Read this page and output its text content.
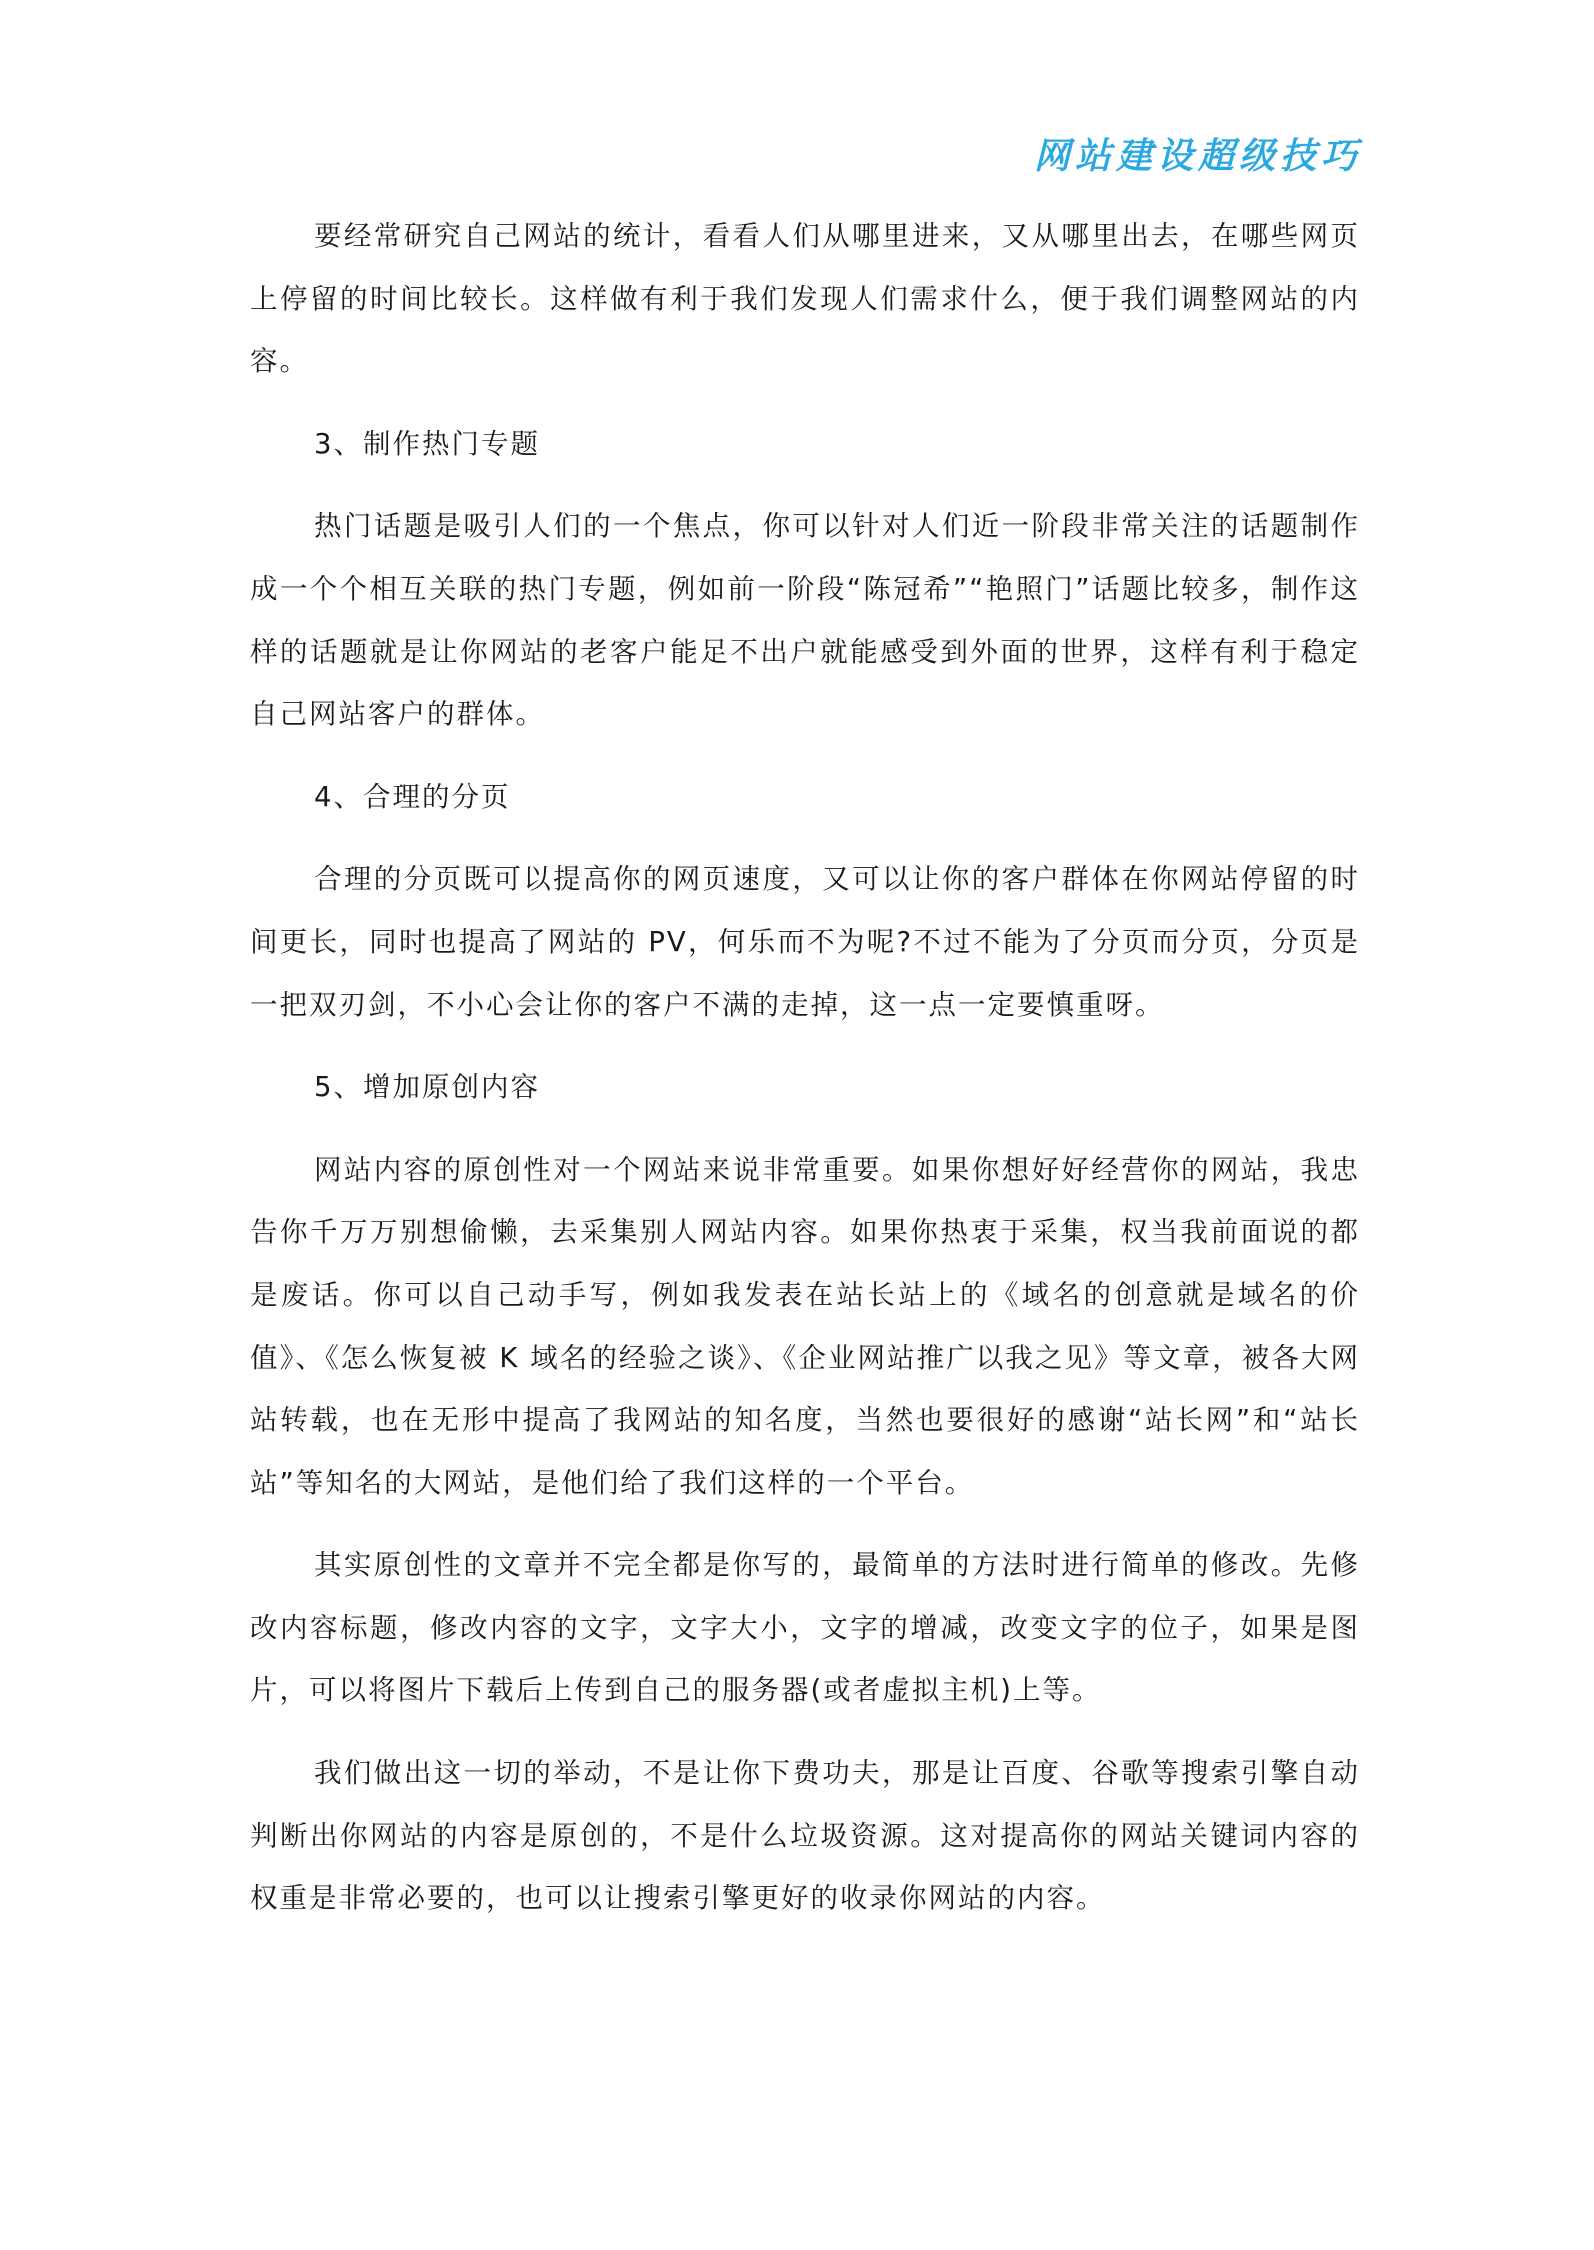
网站建设超级技巧

要经常研究自己网站的统计，看看人们从哪里进来，又从哪里出去，在哪些网页上停留的时间比较长。这样做有利于我们发现人们需求什么，便于我们调整网站的内容。

3、制作热门专题

热门话题是吸引人们的一个焦点，你可以针对人们近一阶段非常关注的话题制作成一个个相互关联的热门专题，例如前一阶段“陈冠希”“艳照门”话题比较多，制作这样的话题就是让你网站的老客户能足不出户就能感受到外面的世界，这样有利于稳定自己网站客户的群体。

4、合理的分页

合理的分页既可以提高你的网页速度，又可以让你的客户群体在你网站停留的时间更长，同时也提高了网站的 PV，何乐而不为呢?不过不能为了分页而分页，分页是一把双刃剑，不小心会让你的客户不满的走掉，这一点一定要慎重呀。

5、增加原创内容

网站内容的原创性对一个网站来说非常重要。如果你想好好经营你的网站，我忠告你千万万别想偷懒，去采集别人网站内容。如果你热衷于采集，权当我前面说的都是废话。你可以自己动手写，例如我发表在站长站上的《域名的创意就是域名的价值》、《怎么恢复被 K 域名的经验之谈》、《企业网站推广以我之见》等文章，被各大网站转载，也在无形中提高了我网站的知名度，当然也要很好的感谢“站长网”和“站长站”等知名的大网站，是他们给了我们这样的一个平台。

其实原创性的文章并不完全都是你写的，最简单的方法时进行简单的修改。先修改内容标题，修改内容的文字，文字大小，文字的增减，改变文字的位子，如果是图片，可以将图片下载后上传到自己的服务器(或者虚拟主机)上等。

我们做出这一切的举动，不是让你下费功夫，那是让百度、谷歌等搜索引擎自动判断出你网站的内容是原创的，不是什么垃圾资源。这对提高你的网站关键词内容的权重是非常必要的，也可以让搜索引擎更好的收录你网站的内容。
